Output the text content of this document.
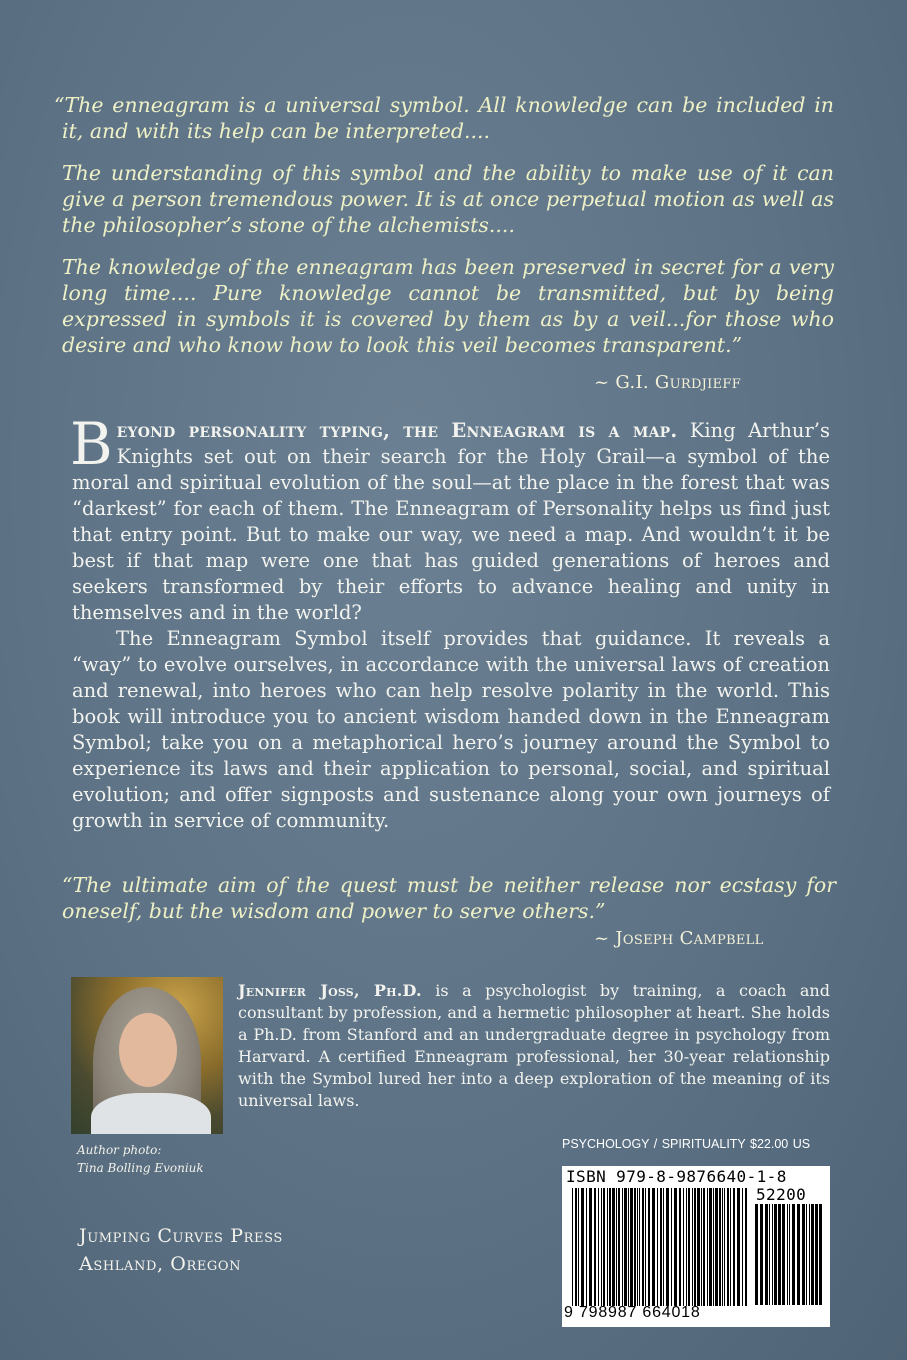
“The enneagram is a universal symbol. All knowledge can be included in it, and with its help can be interpreted....

The understanding of this symbol and the ability to make use of it can give a person tremendous power. It is at once perpetual motion as well as the philosopher’s stone of the alchemists....

The knowledge of the enneagram has been preserved in secret for a very long time.... Pure knowledge cannot be transmitted, but by being expressed in symbols it is covered by them as by a veil...for those who desire and who know how to look this veil becomes transparent.”

~ G.I. Gurdjieff

Beyond personality typing, the Enneagram is a map. King Arthur’s Knights set out on their search for the Holy Grail—a symbol of the moral and spiritual evolution of the soul—at the place in the forest that was “darkest” for each of them. The Enneagram of Personality helps us find just that entry point. But to make our way, we need a map. And wouldn’t it be best if that map were one that has guided generations of heroes and seekers transformed by their efforts to advance healing and unity in themselves and in the world?

The Enneagram Symbol itself provides that guidance. It reveals a “way” to evolve ourselves, in accordance with the universal laws of creation and renewal, into heroes who can help resolve polarity in the world. This book will introduce you to ancient wisdom handed down in the Enneagram Symbol; take you on a metaphorical hero’s journey around the Symbol to experience its laws and their application to personal, social, and spiritual evolution; and offer signposts and sustenance along your own journeys of growth in service of community.

“The ultimate aim of the quest must be neither release nor ecstasy for oneself, but the wisdom and power to serve others.”

~ Joseph Campbell
Author photo:
Tina Bolling Evoniuk
Jennifer Joss, Ph.D. is a psychologist by training, a coach and consultant by profession, and a hermetic philosopher at heart. She holds a Ph.D. from Stanford and an undergraduate degree in psychology from Harvard. A certified Enneagram professional, her 30-year relationship with the Symbol lured her into a deep exploration of the meaning of its universal laws.
Jumping Curves Press
Ashland, Oregon
PSYCHOLOGY / SPIRITUALITY $22.00 US
ISBN 979-8-9876640-1-8
52200
9 798987 664018
